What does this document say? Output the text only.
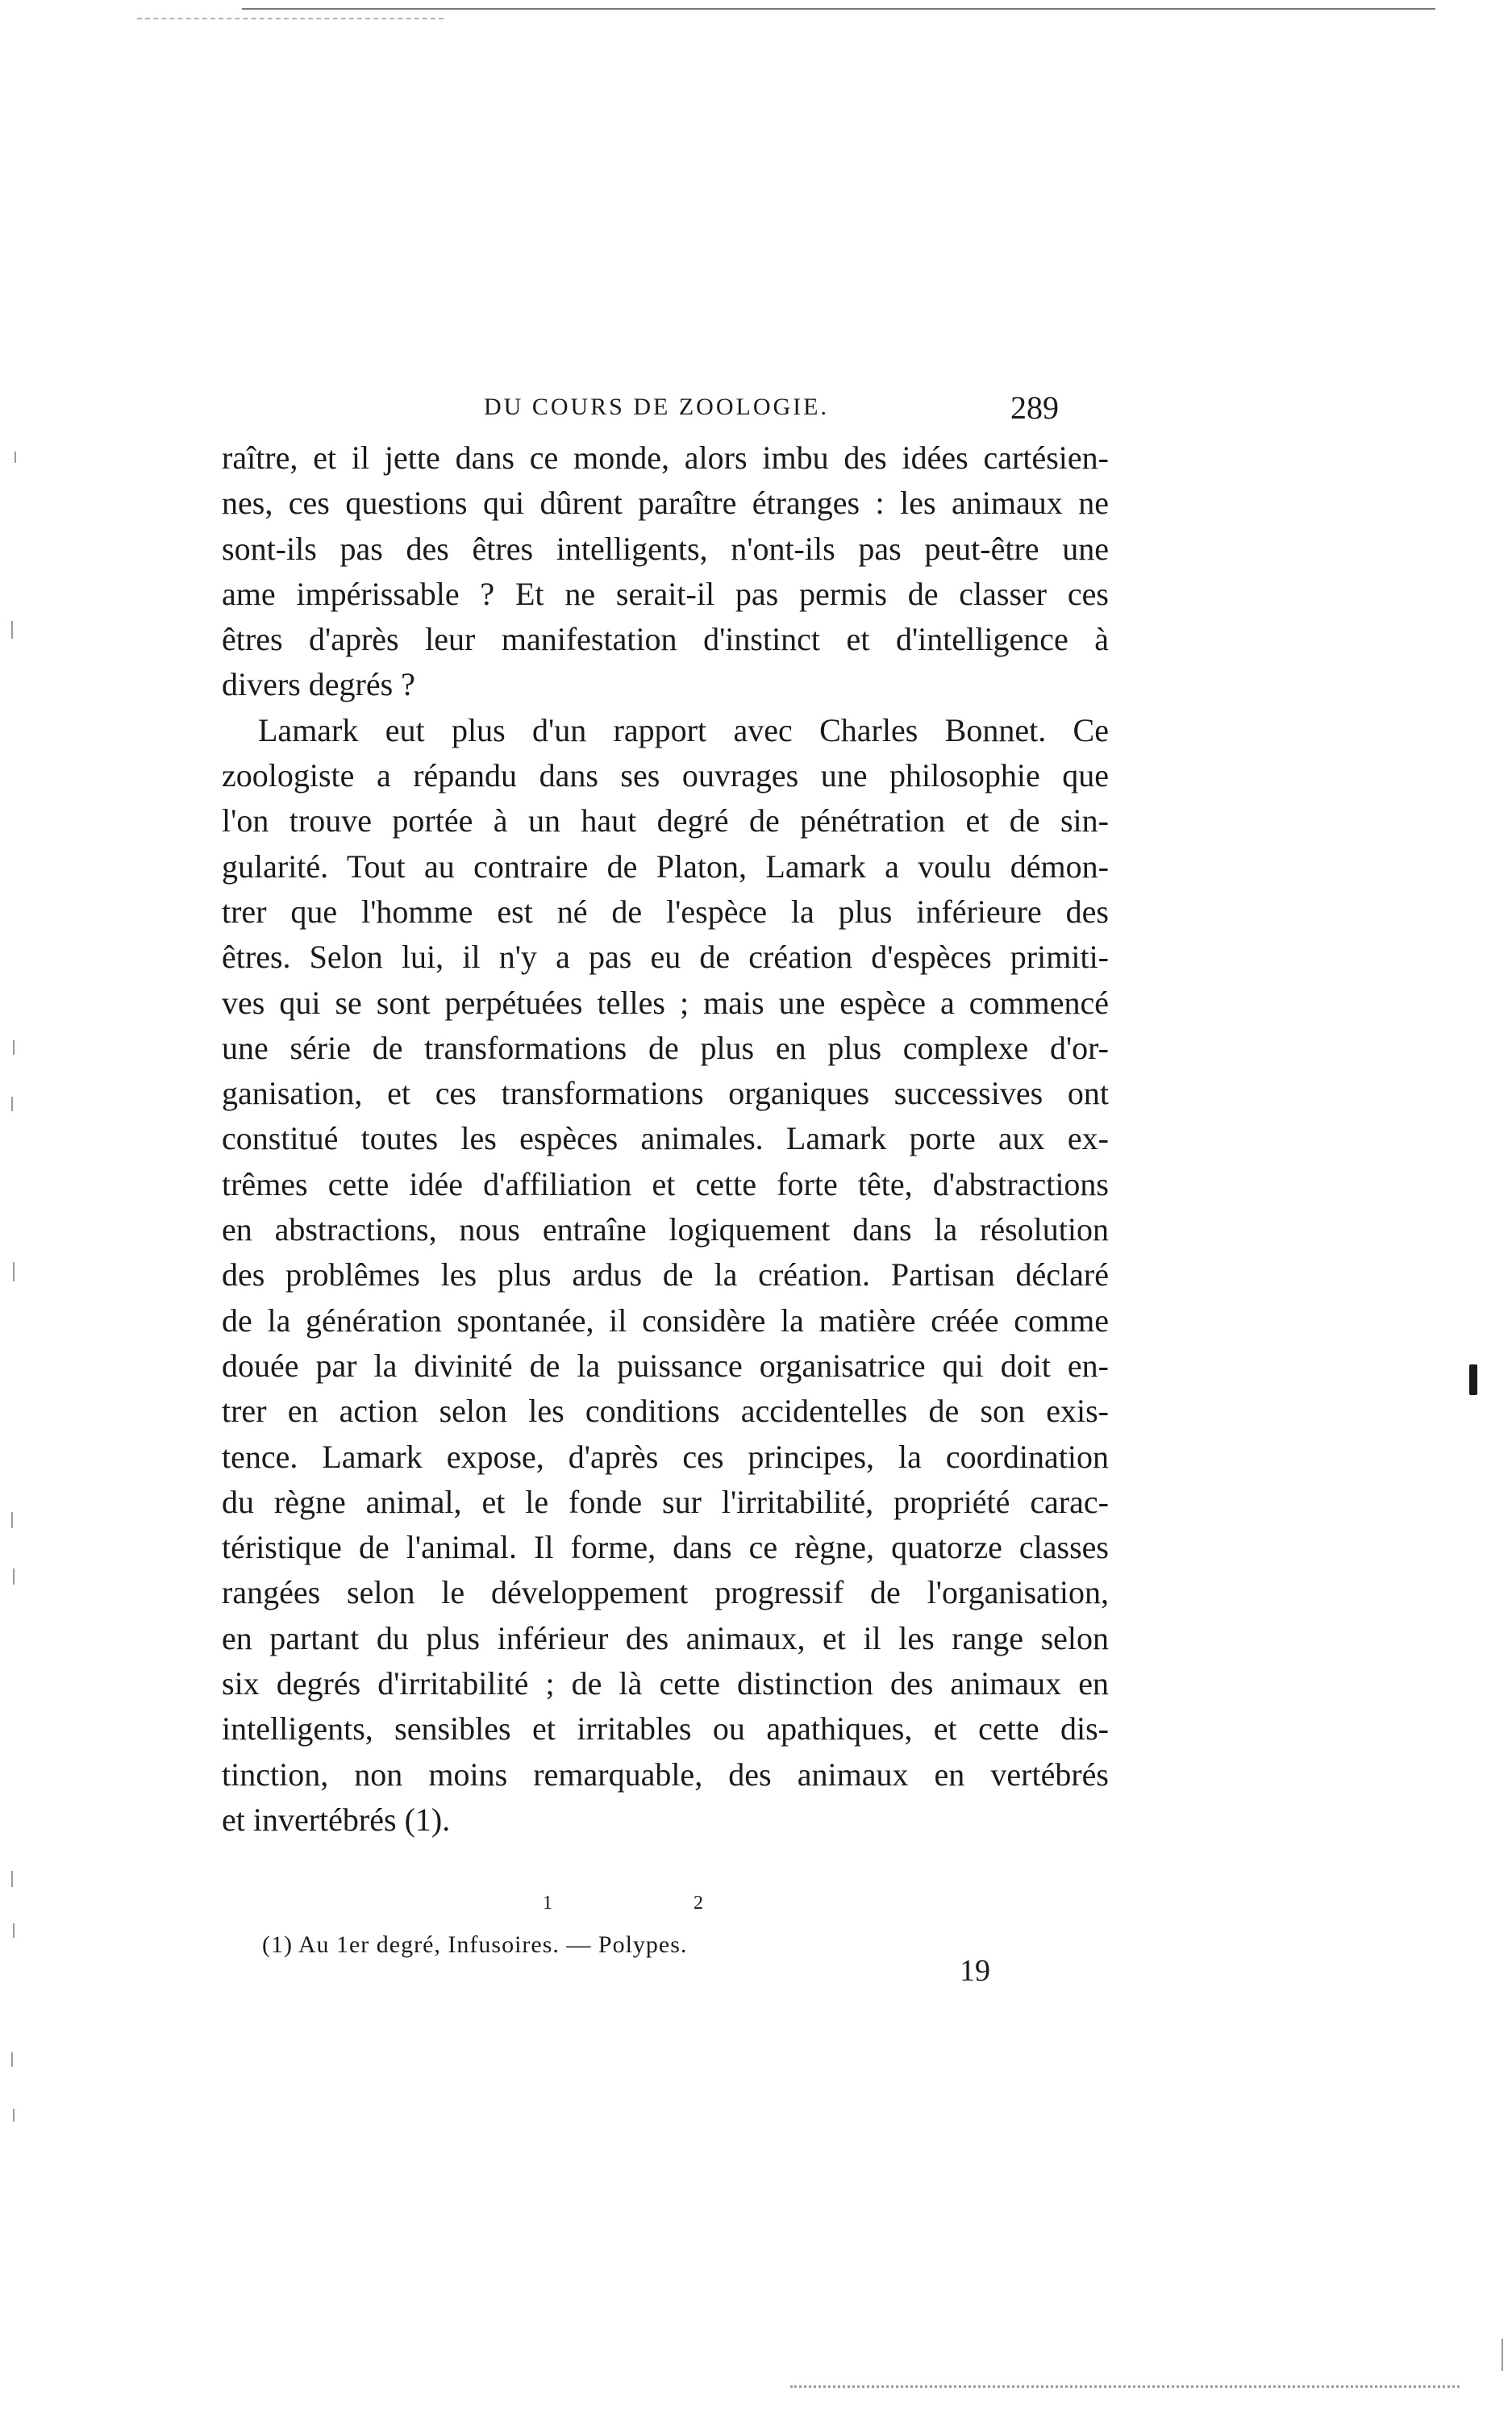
DU COURS DE ZOOLOGIE.	289
raître, et il jette dans ce monde, alors imbu des idées cartésien-
nes, ces questions qui dûrent paraître étranges : les animaux ne
sont-ils pas des êtres intelligents, n'ont-ils pas peut-être une
ame impérissable ? Et ne serait-il pas permis de classer ces
êtres d'après leur manifestation d'instinct et d'intelligence à
divers degrés ?
Lamark eut plus d'un rapport avec Charles Bonnet. Ce
zoologiste a répandu dans ses ouvrages une philosophie que
l'on trouve portée à un haut degré de pénétration et de sin-
gularité. Tout au contraire de Platon, Lamark a voulu démon-
trer que l'homme est né de l'espèce la plus inférieure des
êtres. Selon lui, il n'y a pas eu de création d'espèces primiti-
ves qui se sont perpétuées telles ; mais une espèce a commencé
une série de transformations de plus en plus complexe d'or-
ganisation, et ces transformations organiques successives ont
constitué toutes les espèces animales. Lamark porte aux ex-
trêmes cette idée d'affiliation et cette forte tête, d'abstractions
en abstractions, nous entraîne logiquement dans la résolution
des problêmes les plus ardus de la création. Partisan déclaré
de la génération spontanée, il considère la matière créée comme
douée par la divinité de la puissance organisatrice qui doit en-
trer en action selon les conditions accidentelles de son exis-
tence. Lamark expose, d'après ces principes, la coordination
du règne animal, et le fonde sur l'irritabilité, propriété carac-
téristique de l'animal. Il forme, dans ce règne, quatorze classes
rangées selon le développement progressif de l'organisation,
en partant du plus inférieur des animaux, et il les range selon
six degrés d'irritabilité ; de là cette distinction des animaux en
intelligents, sensibles et irritables ou apathiques, et cette dis-
tinction, non moins remarquable, des animaux en vertébrés
et invertébrés (1).
1	2
(1) Au 1er degré, Infusoires. — Polypes.
19
